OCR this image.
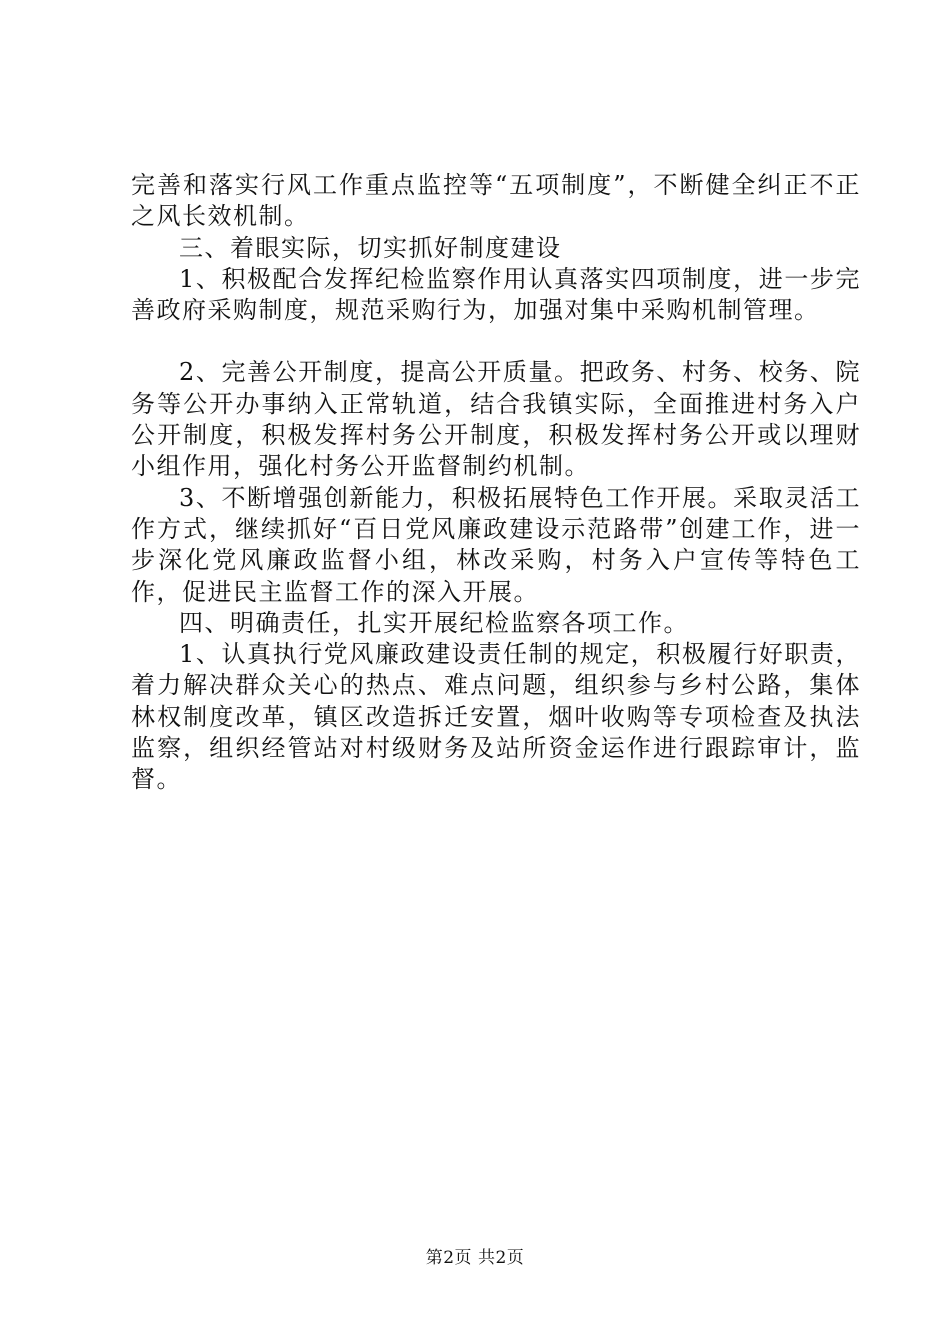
完善和落实行风工作重点监控等“五项制度”，不断健全纠正不正之风长效机制。

三、着眼实际，切实抓好制度建设

1、积极配合发挥纪检监察作用认真落实四项制度，进一步完善政府采购制度，规范采购行为，加强对集中采购机制管理。

2、完善公开制度，提高公开质量。把政务、村务、校务、院务等公开办事纳入正常轨道，结合我镇实际，全面推进村务入户公开制度，积极发挥村务公开制度，积极发挥村务公开或以理财小组作用，强化村务公开监督制约机制。

3、不断增强创新能力，积极拓展特色工作开展。采取灵活工作方式，继续抓好“百日党风廉政建设示范路带”创建工作，进一步深化党风廉政监督小组，林改采购，村务入户宣传等特色工作，促进民主监督工作的深入开展。

四、明确责任，扎实开展纪检监察各项工作。

1、认真执行党风廉政建设责任制的规定，积极履行好职责，着力解决群众关心的热点、难点问题，组织参与乡村公路，集体林权制度改革，镇区改造拆迁安置，烟叶收购等专项检查及执法监察，组织经管站对村级财务及站所资金运作进行跟踪审计，监督。

第2页 共2页
